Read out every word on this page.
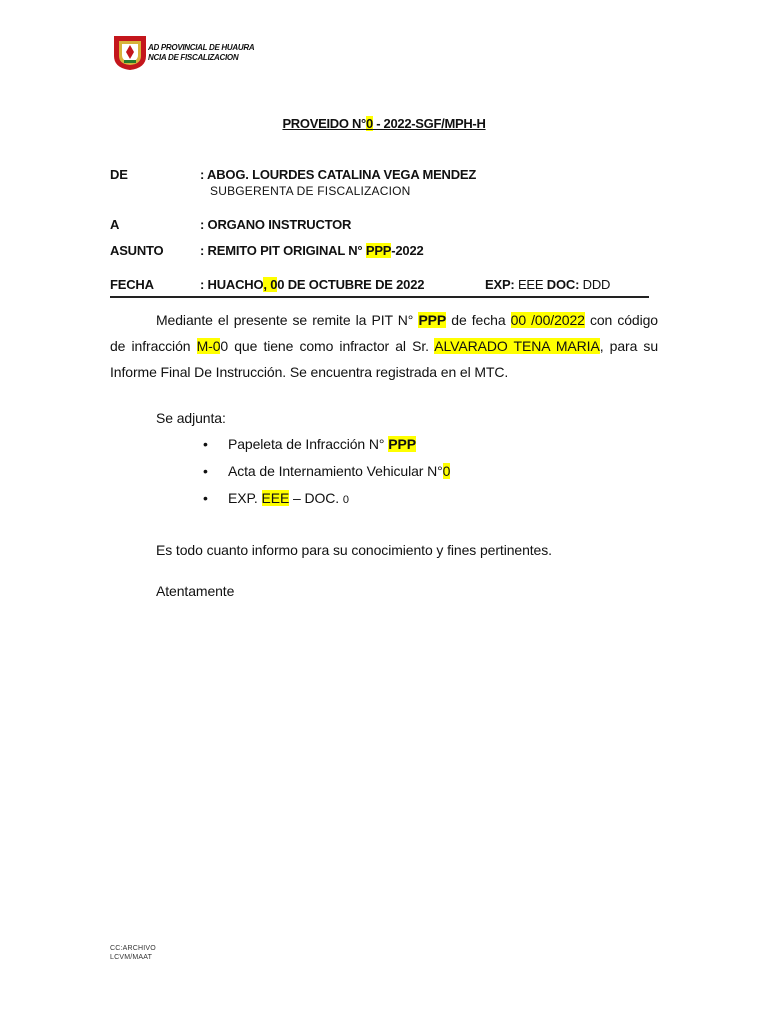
AD PROVINCIAL DE HUAURA
NCIA DE FISCALIZACION
PROVEIDO N°0 - 2022-SGF/MPH-H
DE	: ABOG. LOURDES CATALINA VEGA MENDEZ
SUBGERENTA DE FISCALIZACION
A	: ORGANO INSTRUCTOR
ASUNTO	: REMITO PIT ORIGINAL N° PPP-2022
FECHA	: HUACHO, 00 DE OCTUBRE DE 2022	EXP: EEE DOC: DDD
Mediante el presente se remite la PIT N° PPP de fecha 00 /00/2022 con código de infracción M-00 que tiene como infractor al Sr. ALVARADO TENA MARIA, para su Informe Final De Instrucción. Se encuentra registrada en el MTC.
Se adjunta:
• Papeleta de Infracción N° PPP
• Acta de Internamiento Vehicular N°0
• EXP. EEE – DOC. 0
Es todo cuanto informo para su conocimiento y fines pertinentes.
Atentamente
CC:ARCHIVO
LCVM/MAAT
